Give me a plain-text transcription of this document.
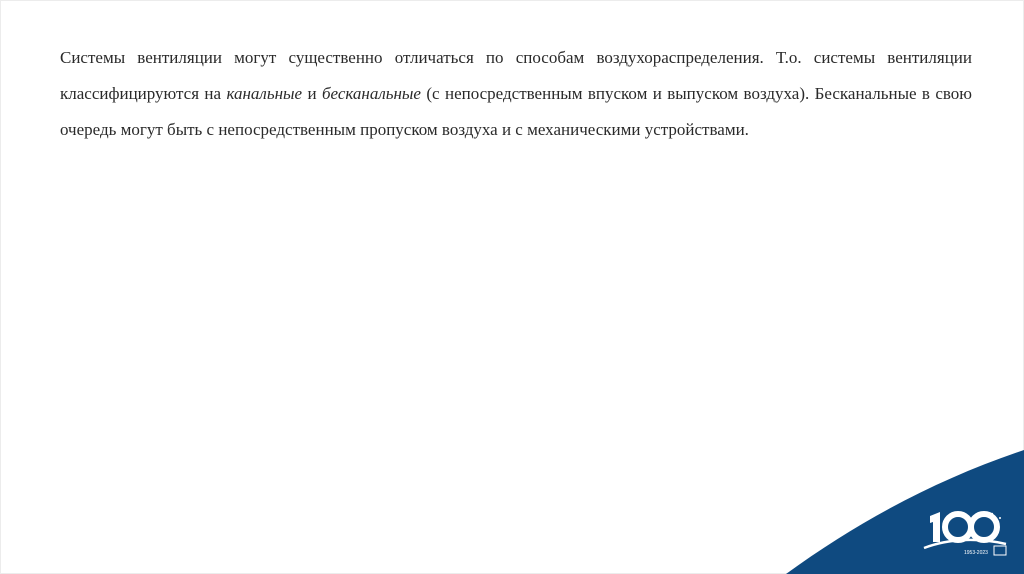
Системы вентиляции могут существенно отличаться по способам воздухораспределения. Т.о. системы вентиляции классифицируются на канальные и бесканальные (с непосредственным впуском и выпуском воздуха). Бесканальные в свою очередь могут быть с непосредственным пропуском воздуха и с механическими устройствами.

1953-2023
